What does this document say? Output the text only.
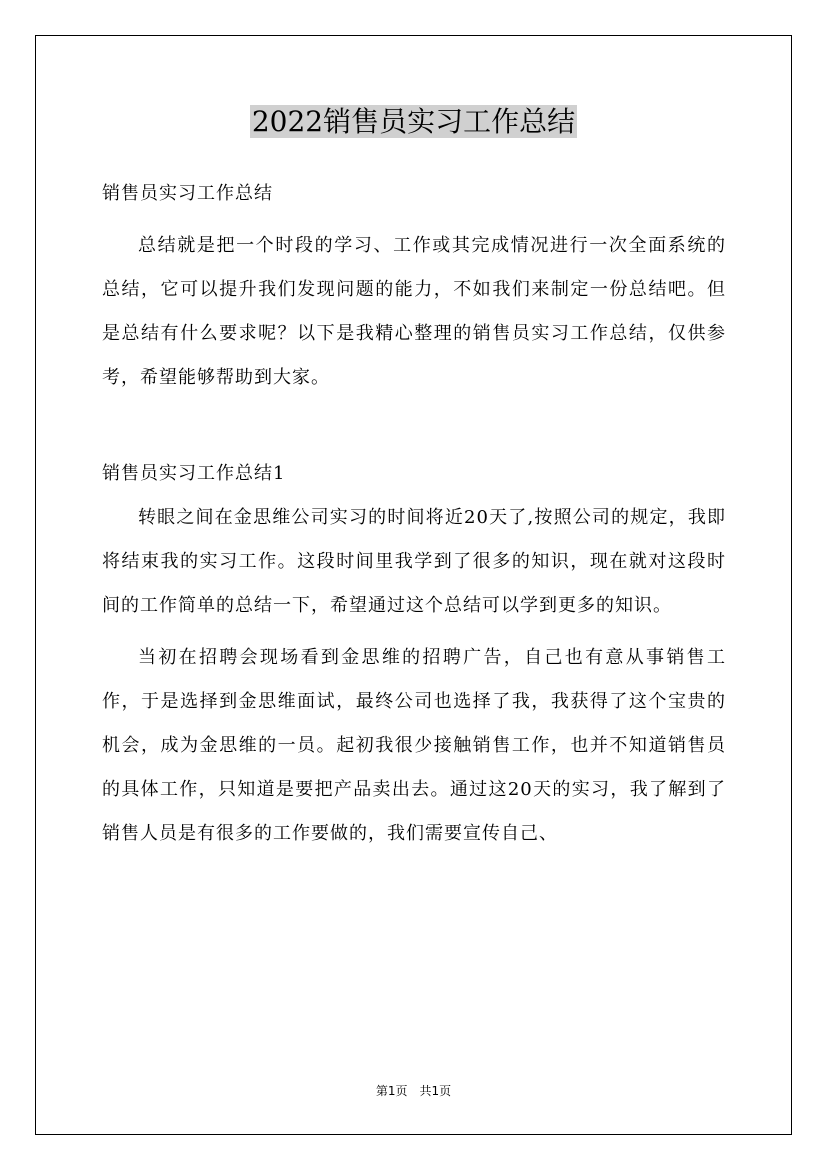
2022销售员实习工作总结

销售员实习工作总结

总结就是把一个时段的学习、工作或其完成情况进行一次全面系统的总结，它可以提升我们发现问题的能力，不如我们来制定一份总结吧。但是总结有什么要求呢？以下是我精心整理的销售员实习工作总结，仅供参考，希望能够帮助到大家。

销售员实习工作总结1

转眼之间在金思维公司实习的时间将近20天了,按照公司的规定，我即将结束我的实习工作。这段时间里我学到了很多的知识，现在就对这段时间的工作简单的总结一下，希望通过这个总结可以学到更多的知识。

当初在招聘会现场看到金思维的招聘广告，自己也有意从事销售工作，于是选择到金思维面试，最终公司也选择了我，我获得了这个宝贵的机会，成为金思维的一员。起初我很少接触销售工作，也并不知道销售员的具体工作，只知道是要把产品卖出去。通过这20天的实习，我了解到了销售人员是有很多的工作要做的，我们需要宣传自己、

第1页　共1页
